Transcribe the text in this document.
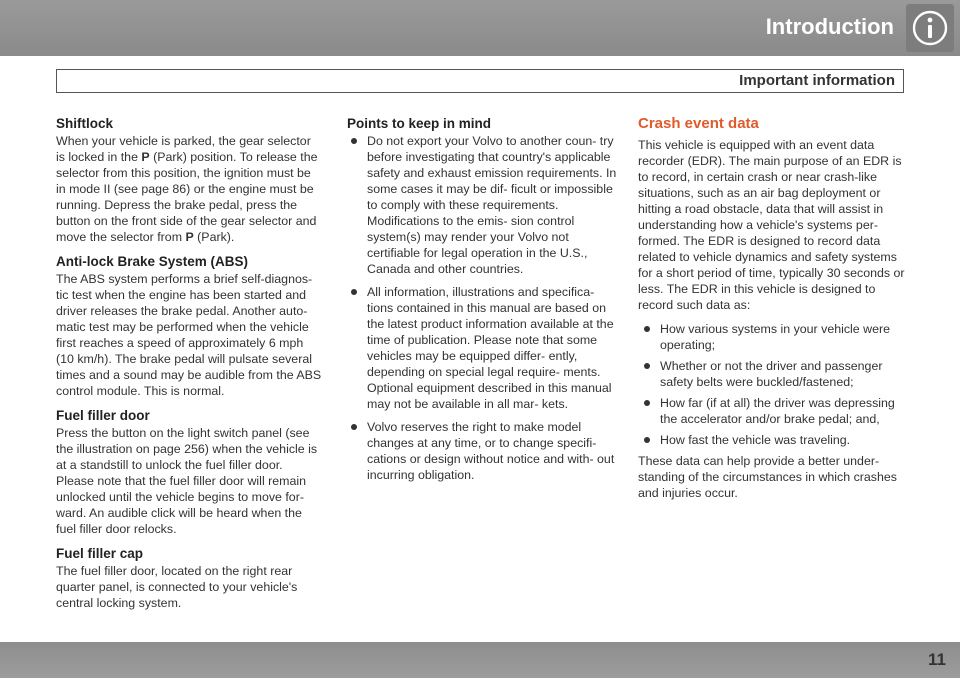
Introduction
Important information
Shiftlock

When your vehicle is parked, the gear selector is locked in the P (Park) position. To release the selector from this position, the ignition must be in mode II (see page 86) or the engine must be running. Depress the brake pedal, press the button on the front side of the gear selector and move the selector from P (Park).

Anti-lock Brake System (ABS)

The ABS system performs a brief self-diagnos- tic test when the engine has been started and driver releases the brake pedal. Another auto- matic test may be performed when the vehicle first reaches a speed of approximately 6 mph (10 km/h). The brake pedal will pulsate several times and a sound may be audible from the ABS control module. This is normal.

Fuel filler door

Press the button on the light switch panel (see the illustration on page 256) when the vehicle is at a standstill to unlock the fuel filler door. Please note that the fuel filler door will remain unlocked until the vehicle begins to move for- ward. An audible click will be heard when the fuel filler door relocks.

Fuel filler cap

The fuel filler door, located on the right rear quarter panel, is connected to your vehicle's central locking system.

Points to keep in mind
Do not export your Volvo to another coun- try before investigating that country's applicable safety and exhaust emission requirements. In some cases it may be dif- ficult or impossible to comply with these requirements. Modifications to the emis- sion control system(s) may render your Volvo not certifiable for legal operation in the U.S., Canada and other countries.
All information, illustrations and specifica- tions contained in this manual are based on the latest product information available at the time of publication. Please note that some vehicles may be equipped differ- ently, depending on special legal require- ments. Optional equipment described in this manual may not be available in all mar- kets.
Volvo reserves the right to make model changes at any time, or to change specifi- cations or design without notice and with- out incurring obligation.
Crash event data

This vehicle is equipped with an event data recorder (EDR). The main purpose of an EDR is to record, in certain crash or near crash-like situations, such as an air bag deployment or hitting a road obstacle, data that will assist in understanding how a vehicle's systems per- formed. The EDR is designed to record data related to vehicle dynamics and safety systems for a short period of time, typically 30 seconds or less. The EDR in this vehicle is designed to record such data as:

How various systems in your vehicle were operating;
Whether or not the driver and passenger safety belts were buckled/fastened;
How far (if at all) the driver was depressing the accelerator and/or brake pedal; and,
How fast the vehicle was traveling.

These data can help provide a better under- standing of the circumstances in which crashes and injuries occur.

11
